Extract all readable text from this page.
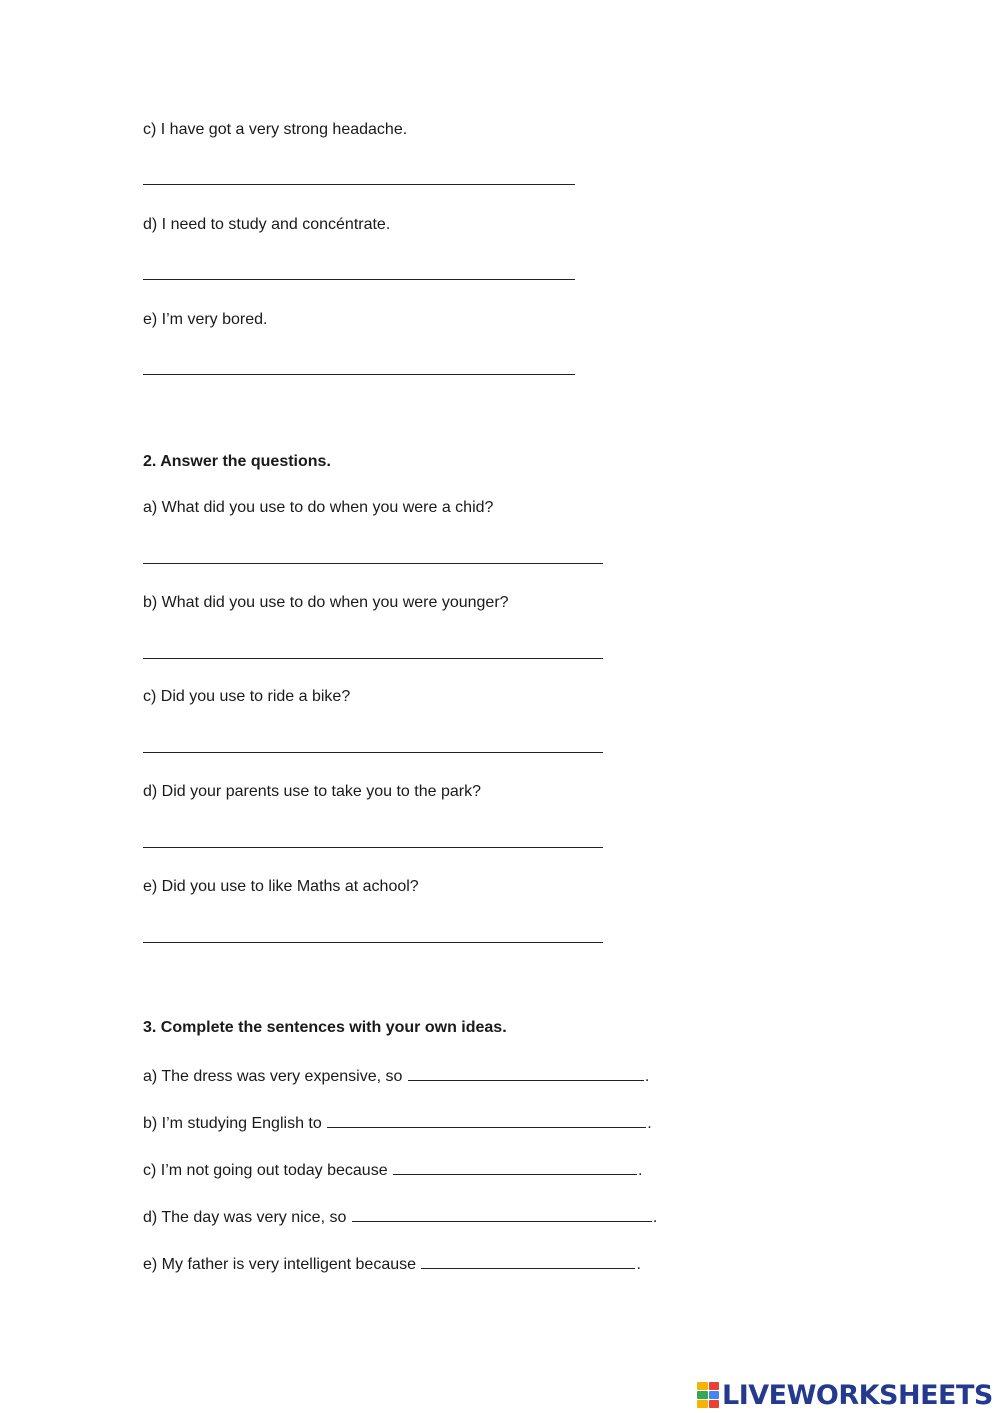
c) I have got a very strong headache.
d) I need to study and concéntrate.
e) I’m very bored.
2. Answer the questions.
a) What did you use to do when you were a chid?
b) What did you use to do when you were younger?
c) Did you use to ride a bike?
d) Did your parents use to take you to the park?
e) Did you use to like Maths at achool?
3. Complete the sentences with your own ideas.
a) The dress was very expensive, so	.
b) I’m studying English to	.
c) I’m not going out today because	.
d) The day was very nice, so	.
e) My father is very intelligent because	.
LIVEWORKSHEETS
